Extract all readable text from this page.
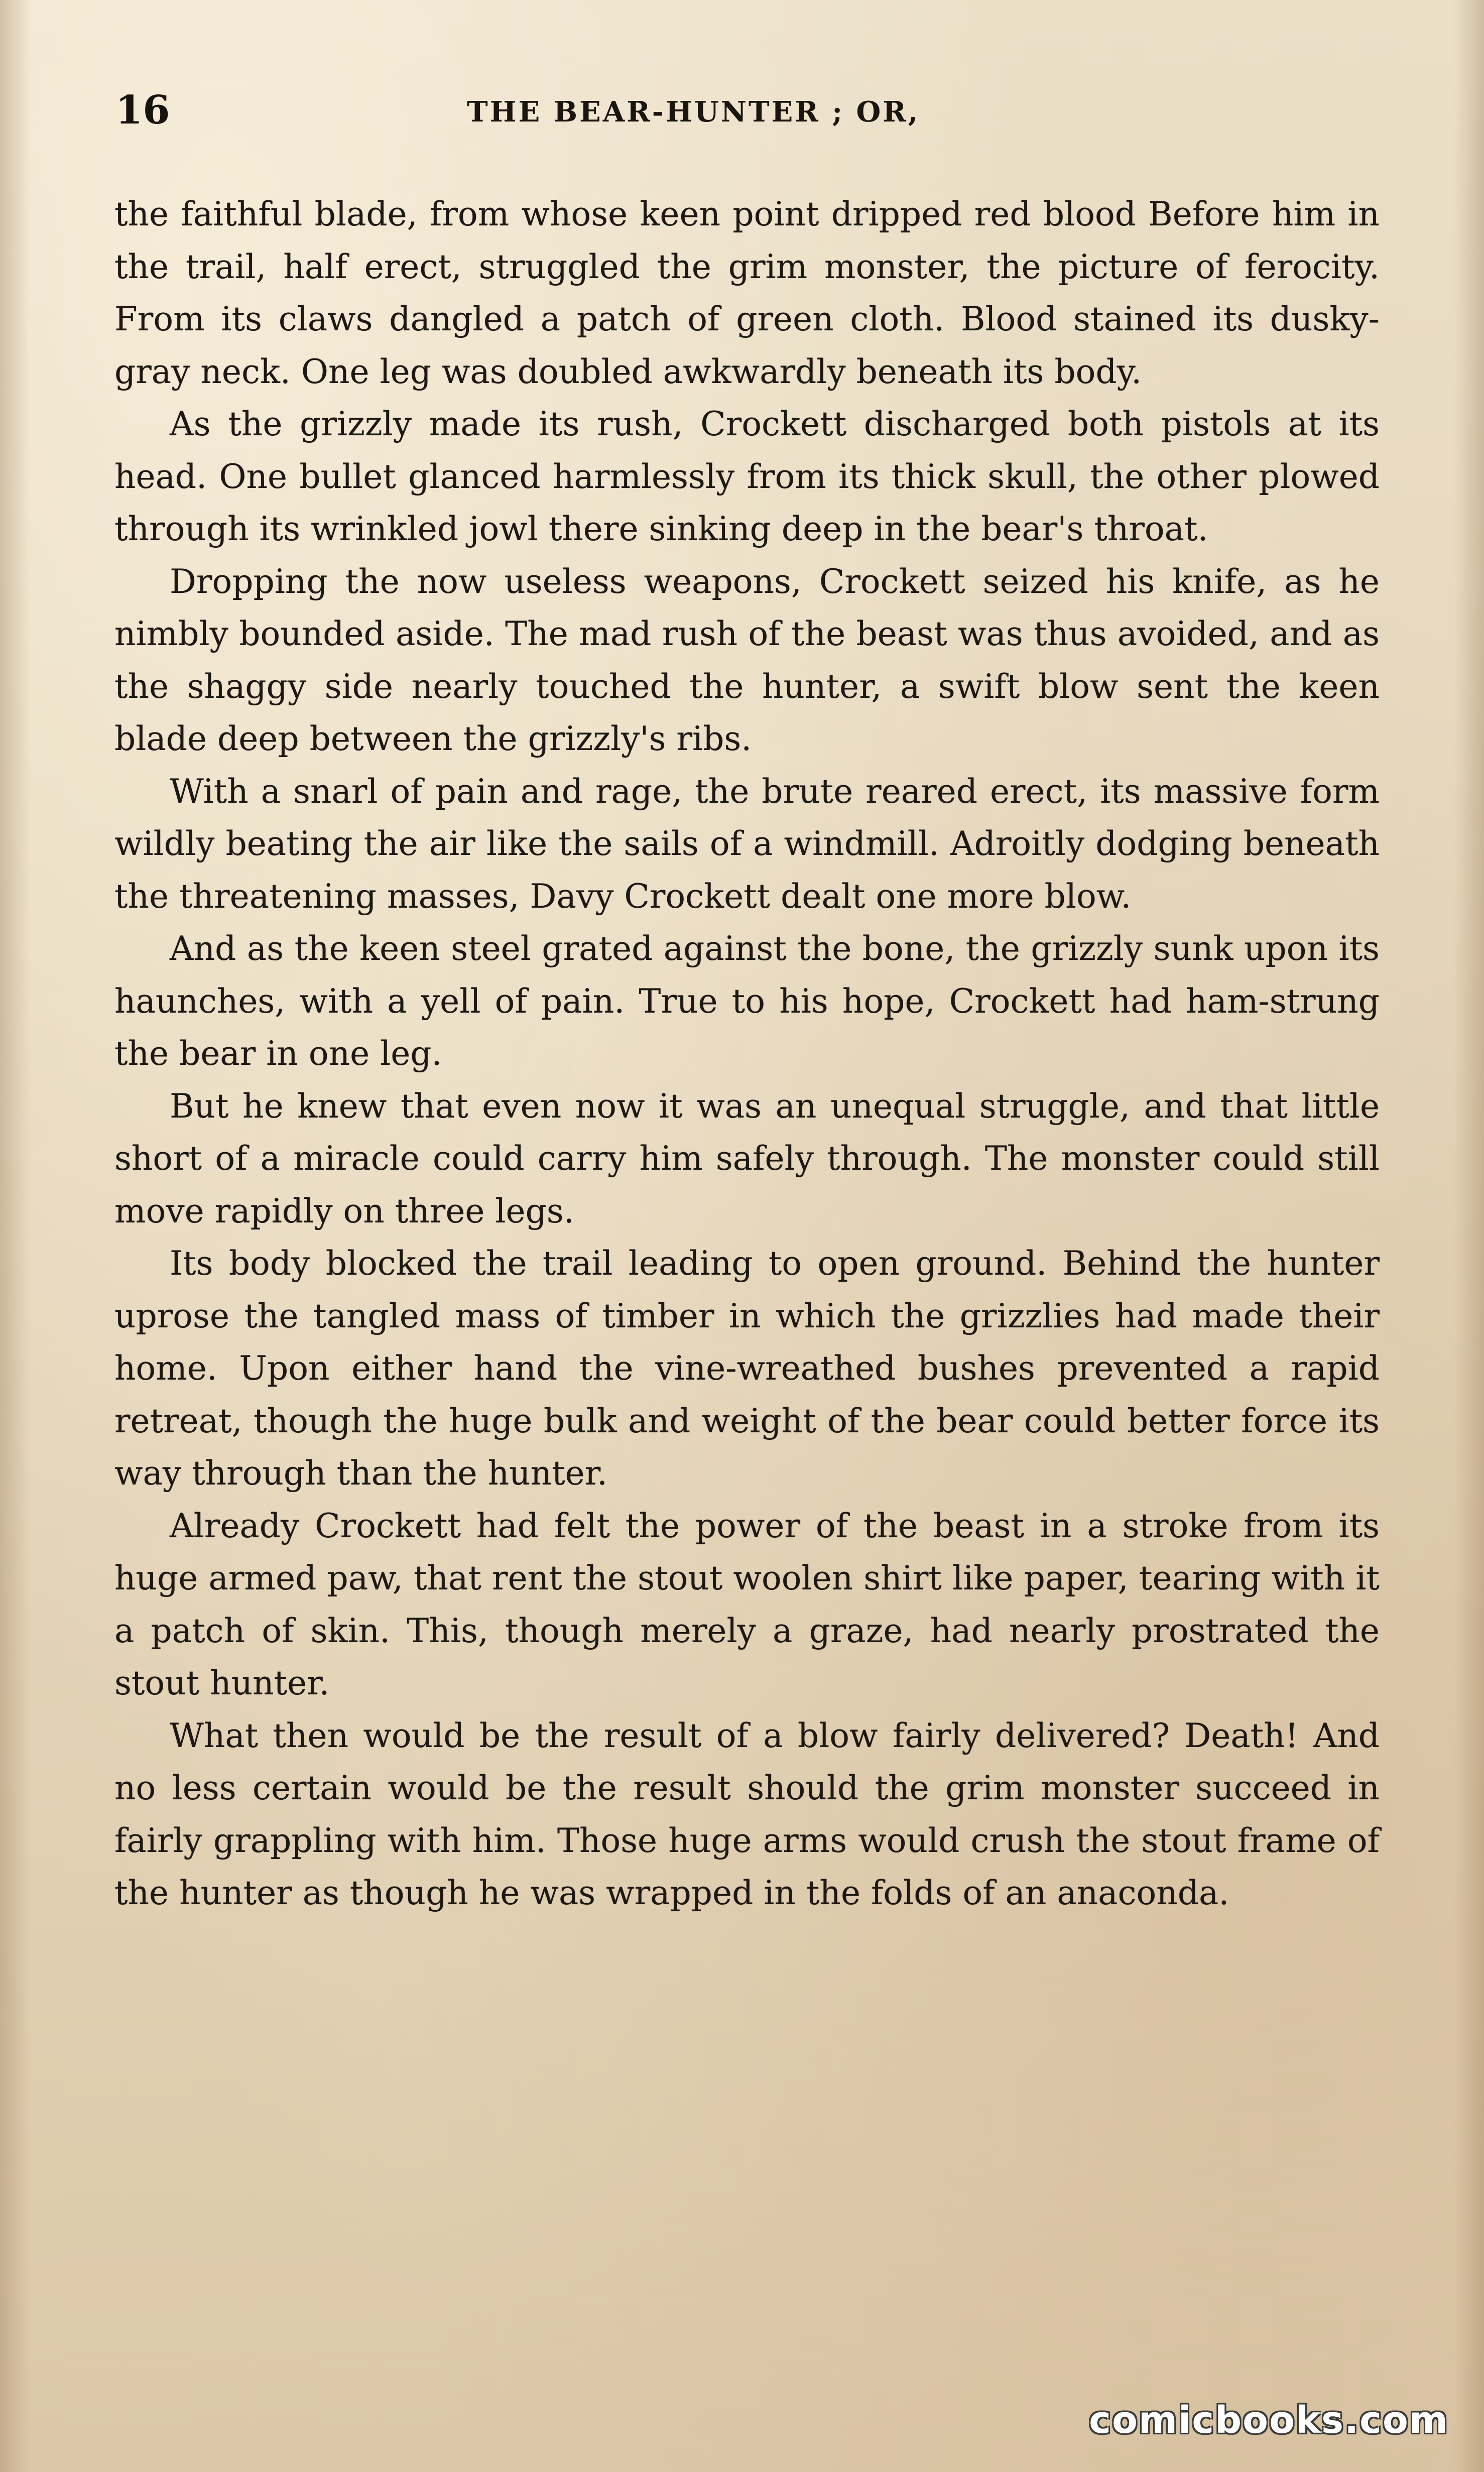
16	THE BEAR-HUNTER ; OR,

the faithful blade, from whose keen point dripped red blood Before him in the trail, half erect, struggled the grim monster, the picture of ferocity. From its claws dangled a patch of green cloth. Blood stained its dusky-gray neck. One leg was doubled awkwardly beneath its body.

As the grizzly made its rush, Crockett discharged both pistols at its head. One bullet glanced harmlessly from its thick skull, the other plowed through its wrinkled jowl there sinking deep in the bear's throat.

Dropping the now useless weapons, Crockett seized his knife, as he nimbly bounded aside. The mad rush of the beast was thus avoided, and as the shaggy side nearly touched the hunter, a swift blow sent the keen blade deep between the grizzly's ribs.

With a snarl of pain and rage, the brute reared erect, its massive form wildly beating the air like the sails of a windmill. Adroitly dodging beneath the threatening masses, Davy Crockett dealt one more blow.

And as the keen steel grated against the bone, the grizzly sunk upon its haunches, with a yell of pain. True to his hope, Crockett had ham-strung the bear in one leg.

But he knew that even now it was an unequal struggle, and that little short of a miracle could carry him safely through. The monster could still move rapidly on three legs.

Its body blocked the trail leading to open ground. Behind the hunter uprose the tangled mass of timber in which the grizzlies had made their home. Upon either hand the vine-wreathed bushes prevented a rapid retreat, though the huge bulk and weight of the bear could better force its way through than the hunter.

Already Crockett had felt the power of the beast in a stroke from its huge armed paw, that rent the stout woolen shirt like paper, tearing with it a patch of skin. This, though merely a graze, had nearly prostrated the stout hunter.

What then would be the result of a blow fairly delivered? Death! And no less certain would be the result should the grim monster succeed in fairly grappling with him. Those huge arms would crush the stout frame of the hunter as though he was wrapped in the folds of an anaconda.

comicbooks.com
